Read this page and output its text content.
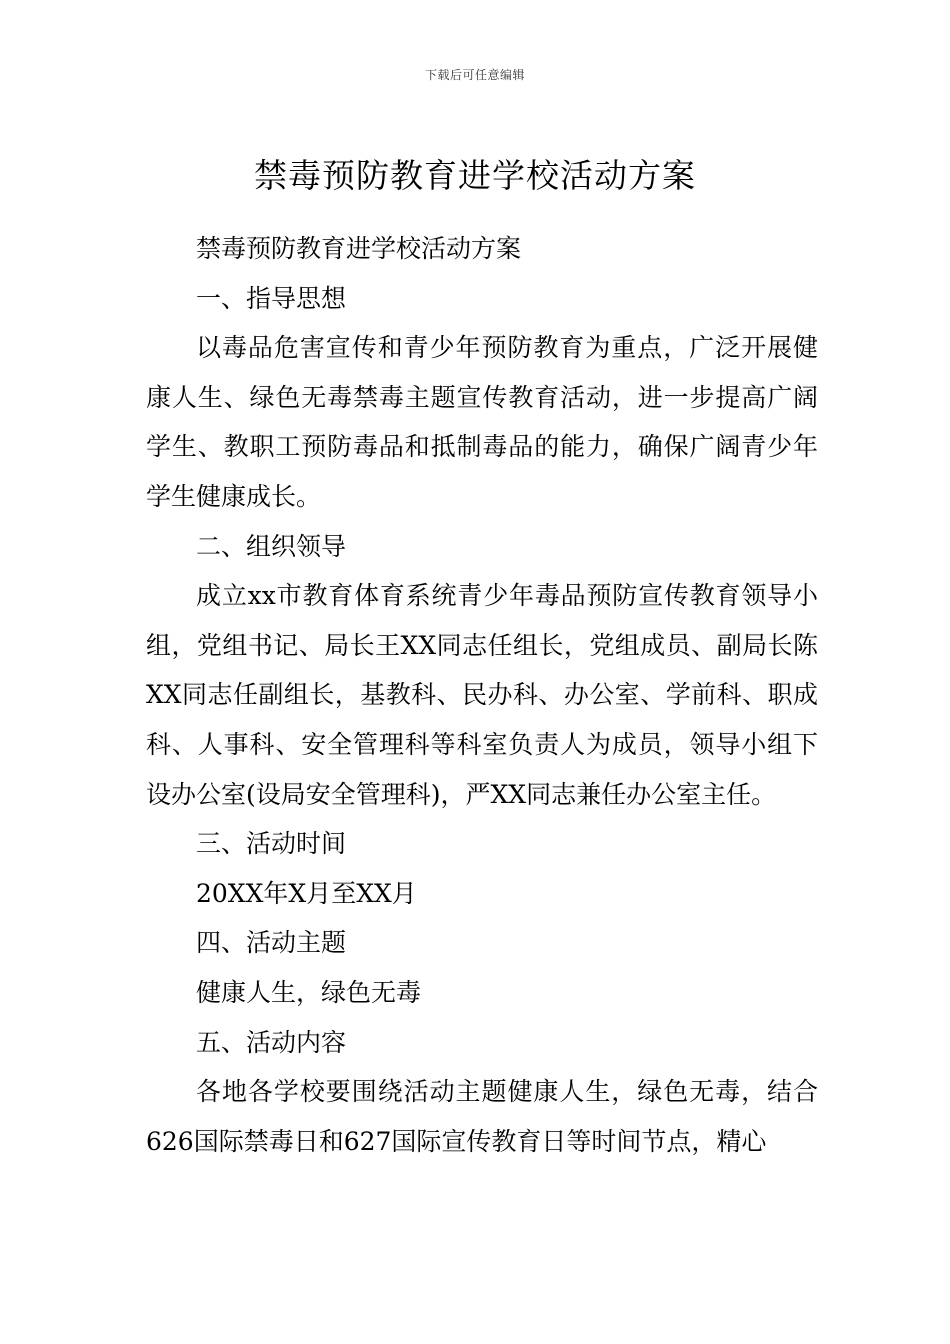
下载后可任意编辑
禁毒预防教育进学校活动方案

禁毒预防教育进学校活动方案

一、指导思想

以毒品危害宣传和青少年预防教育为重点，广泛开展健康人生、绿色无毒禁毒主题宣传教育活动，进一步提高广阔学生、教职工预防毒品和抵制毒品的能力，确保广阔青少年学生健康成长。

二、组织领导

成立xx市教育体育系统青少年毒品预防宣传教育领导小组，党组书记、局长王XX同志任组长，党组成员、副局长陈XX同志任副组长，基教科、民办科、办公室、学前科、职成科、人事科、安全管理科等科室负责人为成员，领导小组下设办公室(设局安全管理科)，严XX同志兼任办公室主任。

三、活动时间

20XX年X月至XX月

四、活动主题

健康人生，绿色无毒

五、活动内容

各地各学校要围绕活动主题健康人生，绿色无毒，结合626国际禁毒日和627国际宣传教育日等时间节点，精心
